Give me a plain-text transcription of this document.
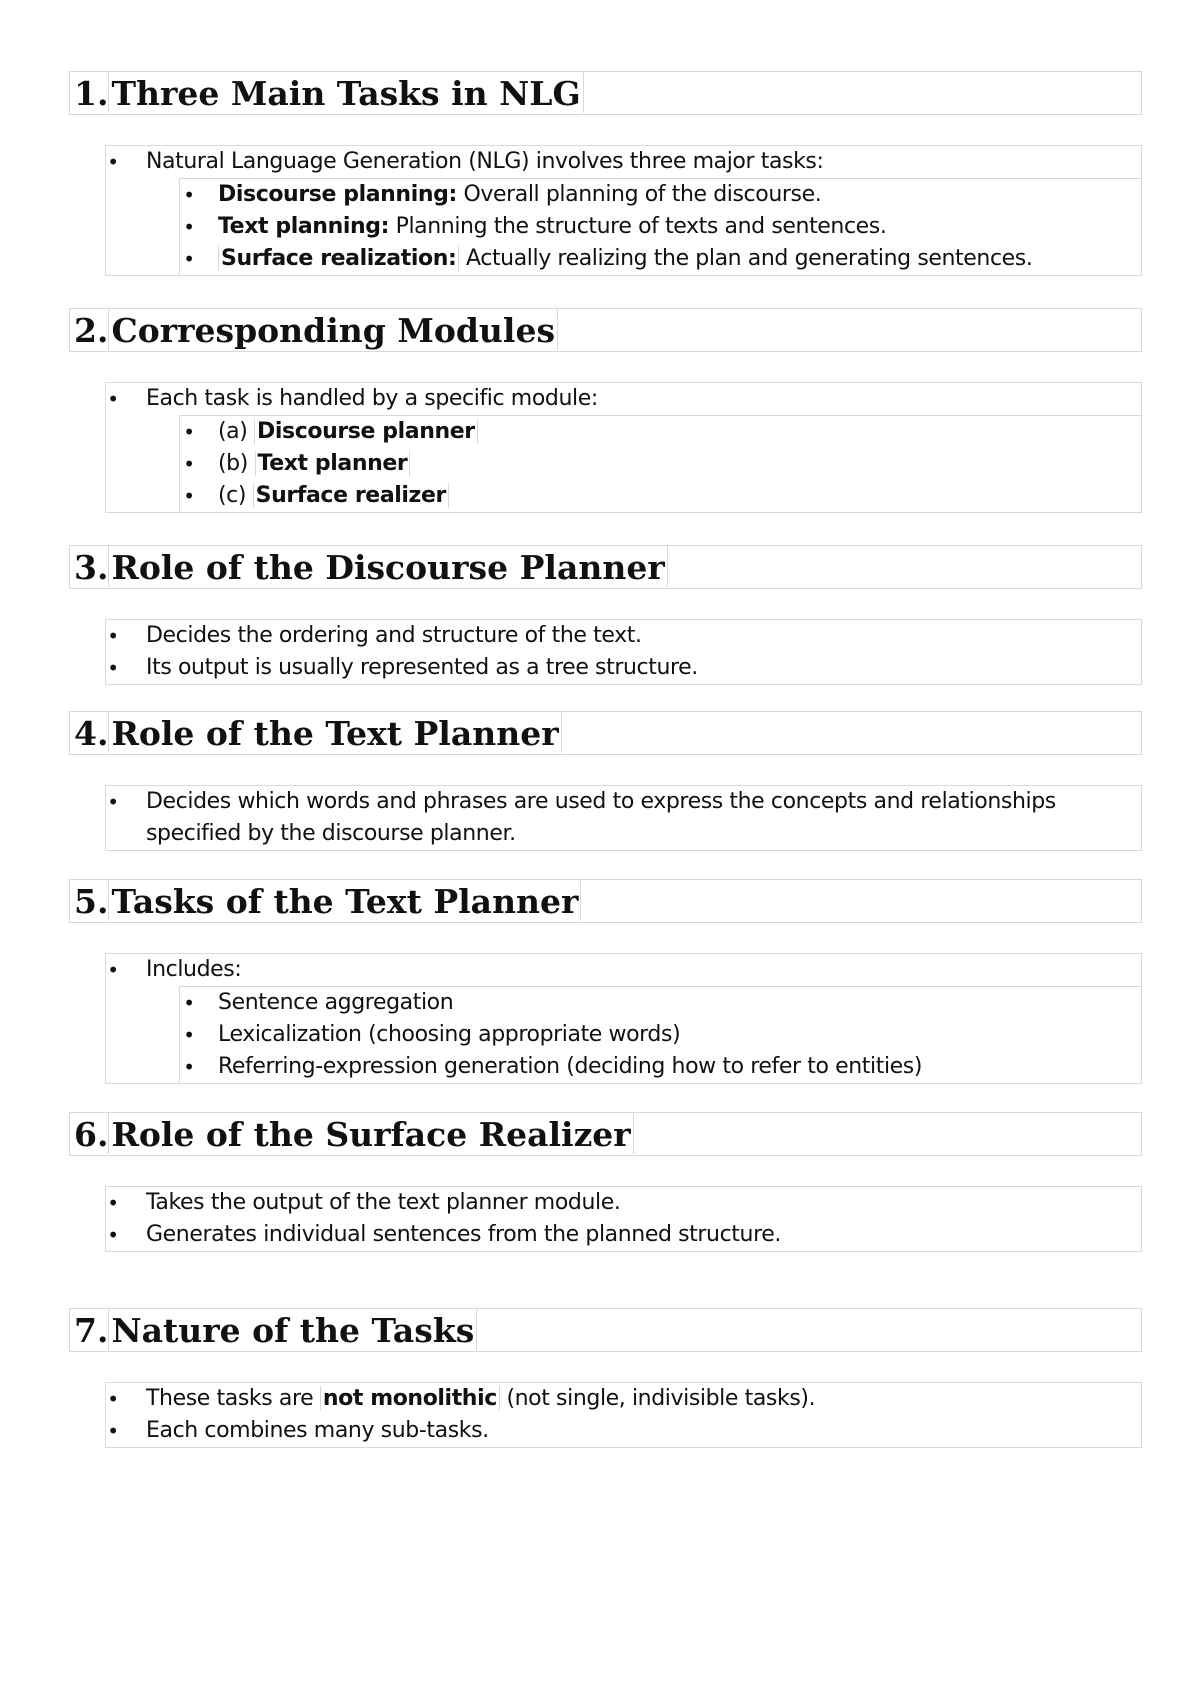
1.Three Main Tasks in NLG
• Natural Language Generation (NLG) involves three major tasks:
• Discourse planning: Overall planning of the discourse.
• Text planning: Planning the structure of texts and sentences.
• Surface realization: Actually realizing the plan and generating sentences.
2.Corresponding Modules
• Each task is handled by a specific module:
• (a) Discourse planner
• (b) Text planner
• (c) Surface realizer
3.Role of the Discourse Planner
• Decides the ordering and structure of the text.
• Its output is usually represented as a tree structure.
4.Role of the Text Planner
• Decides which words and phrases are used to express the concepts and relationships specified by the discourse planner.
5.Tasks of the Text Planner
• Includes:
• Sentence aggregation
• Lexicalization (choosing appropriate words)
• Referring-expression generation (deciding how to refer to entities)
6.Role of the Surface Realizer
• Takes the output of the text planner module.
• Generates individual sentences from the planned structure.
7.Nature of the Tasks
• These tasks are not monolithic (not single, indivisible tasks).
• Each combines many sub-tasks.
